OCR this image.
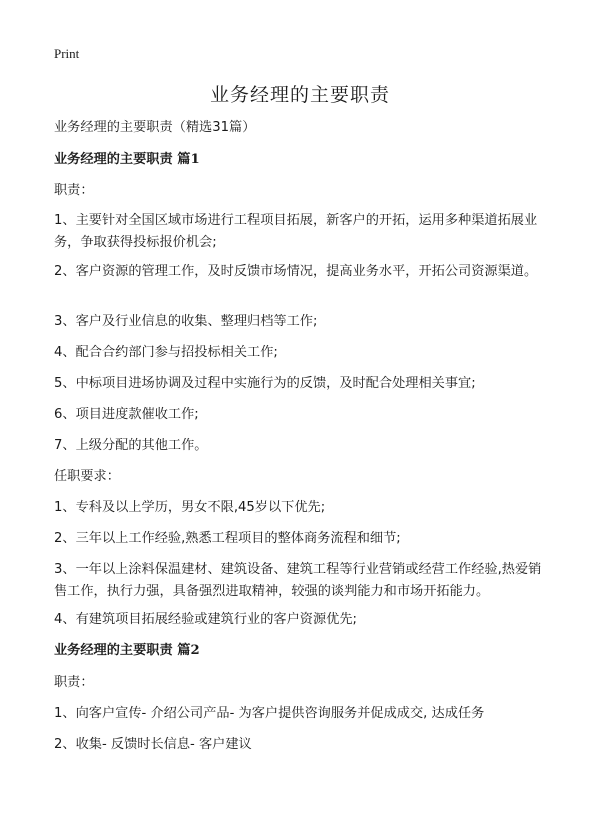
Print
业务经理的主要职责

业务经理的主要职责（精选31篇）

业务经理的主要职责 篇1

职责：

1、主要针对全国区域市场进行工程项目拓展，新客户的开拓，运用多种渠道拓展业务，争取获得投标报价机会;

2、客户资源的管理工作，及时反馈市场情况，提高业务水平，开拓公司资源渠道。

3、客户及行业信息的收集、整理归档等工作;

4、配合合约部门参与招投标相关工作;

5、中标项目进场协调及过程中实施行为的反馈，及时配合处理相关事宜;

6、项目进度款催收工作;

7、上级分配的其他工作。

任职要求：

1、专科及以上学历，男女不限,45岁以下优先;

2、三年以上工作经验,熟悉工程项目的整体商务流程和细节;

3、一年以上涂料保温建材、建筑设备、建筑工程等行业营销或经营工作经验,热爱销售工作，执行力强，具备强烈进取精神，较强的谈判能力和市场开拓能力。

4、有建筑项目拓展经验或建筑行业的客户资源优先;

业务经理的主要职责 篇2

职责：

1、向客户宣传- 介绍公司产品- 为客户提供咨询服务并促成成交, 达成任务

2、收集- 反馈时长信息- 客户建议
